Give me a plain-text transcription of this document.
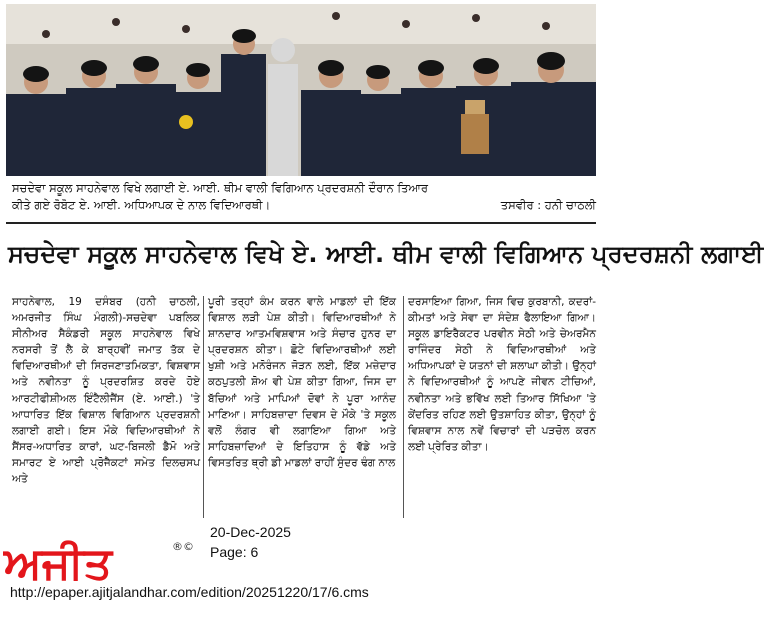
ਸਚਦੇਵਾ ਸਕੂਲ ਸਾਹਨੇਵਾਲ ਵਿਖੇ ਲਗਾਈ ਏ. ਆਈ. ਥੀਮ ਵਾਲੀ ਵਿਗਿਆਨ ਪ੍ਰਦਰਸ਼ਨੀ ਦੌਰਾਨ ਤਿਆਰ
ਕੀਤੇ ਗਏ ਰੋਬੋਟ ਏ. ਆਈ. ਅਧਿਆਪਕ ਦੇ ਨਾਲ ਵਿਦਿਆਰਥੀ।	ਤਸਵੀਰ : ਹਨੀ ਚਾਠਲੀ
ਸਚਦੇਵਾ ਸਕੂਲ ਸਾਹਨੇਵਾਲ ਵਿਖੇ ਏ. ਆਈ. ਥੀਮ ਵਾਲੀ ਵਿਗਿਆਨ ਪ੍ਰਦਰਸ਼ਨੀ ਲਗਾਈ

ਸਾਹਨੇਵਾਲ, 19 ਦਸੰਬਰ (ਹਨੀ ਚਾਠਲੀ, ਅਮਰਜੀਤ ਸਿੰਘ ਮੰਗਲੀ)-ਸਚਦੇਵਾ ਪਬਲਿਕ ਸੀਨੀਅਰ ਸੈਕੰਡਰੀ ਸਕੂਲ ਸਾਹਨੇਵਾਲ ਵਿਖੇ ਨਰਸਰੀ ਤੋਂ ਲੈ ਕੇ ਬਾਰ੍ਹਵੀਂ ਜਮਾਤ ਤੱਕ ਦੇ ਵਿਦਿਆਰਥੀਆਂ ਦੀ ਸਿਰਜਣਾਤਮਿਕਤਾ, ਵਿਸ਼ਵਾਸ ਅਤੇ ਨਵੀਨਤਾ ਨੂੰ ਪ੍ਰਦਰਸ਼ਿਤ ਕਰਦੇ ਹੋਏ ਆਰਟੀਫੀਸ਼ੀਅਲ ਇੰਟੈਲੀਜੈਂਸ (ਏ. ਆਈ.) 'ਤੇ ਆਧਾਰਿਤ ਇੱਕ ਵਿਸ਼ਾਲ ਵਿਗਿਆਨ ਪ੍ਰਦਰਸ਼ਨੀ ਲਗਾਈ ਗਈ। ਇਸ ਮੌਕੇ ਵਿਦਿਆਰਥੀਆਂ ਨੇ ਸੈਂਸਰ-ਅਧਾਰਿਤ ਕਾਰਾਂ, ਘਟ-ਬਿਜਲੀ ਡੈਮੋ ਅਤੇ ਸਮਾਰਟ ਏ ਆਈ ਪ੍ਰੋਜੈਕਟਾਂ ਸਮੇਤ ਦਿਲਚਸਪ ਅਤੇ

ਪੂਰੀ ਤਰ੍ਹਾਂ ਕੰਮ ਕਰਨ ਵਾਲੇ ਮਾਡਲਾਂ ਦੀ ਇੱਕ ਵਿਸ਼ਾਲ ਲੜੀ ਪੇਸ਼ ਕੀਤੀ। ਵਿਦਿਆਰਥੀਆਂ ਨੇ ਸ਼ਾਨਦਾਰ ਆਤਮਵਿਸ਼ਵਾਸ ਅਤੇ ਸੰਚਾਰ ਹੁਨਰ ਦਾ ਪ੍ਰਦਰਸ਼ਨ ਕੀਤਾ। ਛੋਟੇ ਵਿਦਿਆਰਥੀਆਂ ਲਈ ਖੁਸ਼ੀ ਅਤੇ ਮਨੋਰੰਜਨ ਜੋੜਨ ਲਈ, ਇੱਕ ਮਜ਼ੇਦਾਰ ਕਠਪੁਤਲੀ ਸ਼ੋਅ ਵੀ ਪੇਸ਼ ਕੀਤਾ ਗਿਆ, ਜਿਸ ਦਾ ਬੱਚਿਆਂ ਅਤੇ ਮਾਪਿਆਂ ਦੋਵਾਂ ਨੇ ਪੂਰਾ ਆਨੰਦ ਮਾਣਿਆ। ਸਾਹਿਬਜ਼ਾਦਾ ਦਿਵਸ ਦੇ ਮੌਕੇ 'ਤੇ ਸਕੂਲ ਵਲੋਂ ਲੰਗਰ ਵੀ ਲਗਾਇਆ ਗਿਆ ਅਤੇ ਸਾਹਿਬਜ਼ਾਦਿਆਂ ਦੇ ਇਤਿਹਾਸ ਨੂੰ ਵੱਡੇ ਅਤੇ ਵਿਸਤਰਿਤ ਥ੍ਰੀ ਡੀ ਮਾਡਲਾਂ ਰਾਹੀਂ ਸੁੰਦਰ ਢੰਗ ਨਾਲ

ਦਰਸਾਇਆ ਗਿਆ, ਜਿਸ ਵਿਚ ਕੁਰਬਾਨੀ, ਕਦਰਾਂ-ਕੀਮਤਾਂ ਅਤੇ ਸੇਵਾ ਦਾ ਸੰਦੇਸ਼ ਫੈਲਾਇਆ ਗਿਆ। ਸਕੂਲ ਡਾਇਰੈਕਟਰ ਪਰਵੀਨ ਸੇਠੀ ਅਤੇ ਚੇਅਰਮੈਨ ਰਾਜਿੰਦਰ ਸੇਠੀ ਨੇ ਵਿਦਿਆਰਥੀਆਂ ਅਤੇ ਅਧਿਆਪਕਾਂ ਦੇ ਯਤਨਾਂ ਦੀ ਸ਼ਲਾਘਾ ਕੀਤੀ। ਉਨ੍ਹਾਂ ਨੇ ਵਿਦਿਆਰਥੀਆਂ ਨੂੰ ਆਪਣੇ ਜੀਵਨ ਟੀਚਿਆਂ, ਨਵੀਨਤਾ ਅਤੇ ਭਵਿੱਖ ਲਈ ਤਿਆਰ ਸਿੱਖਿਆ 'ਤੇ ਕੇਂਦਰਿਤ ਰਹਿਣ ਲਈ ਉਤਸ਼ਾਹਿਤ ਕੀਤਾ, ਉਨ੍ਹਾਂ ਨੂੰ ਵਿਸ਼ਵਾਸ ਨਾਲ ਨਵੇਂ ਵਿਚਾਰਾਂ ਦੀ ਪੜਚੋਲ ਕਰਨ ਲਈ ਪ੍ਰੇਰਿਤ ਕੀਤਾ।

ਅਜੀਤ	®©
20-Dec-2025
Page: 6
http://epaper.ajitjalandhar.com/edition/20251220/17/6.cms
